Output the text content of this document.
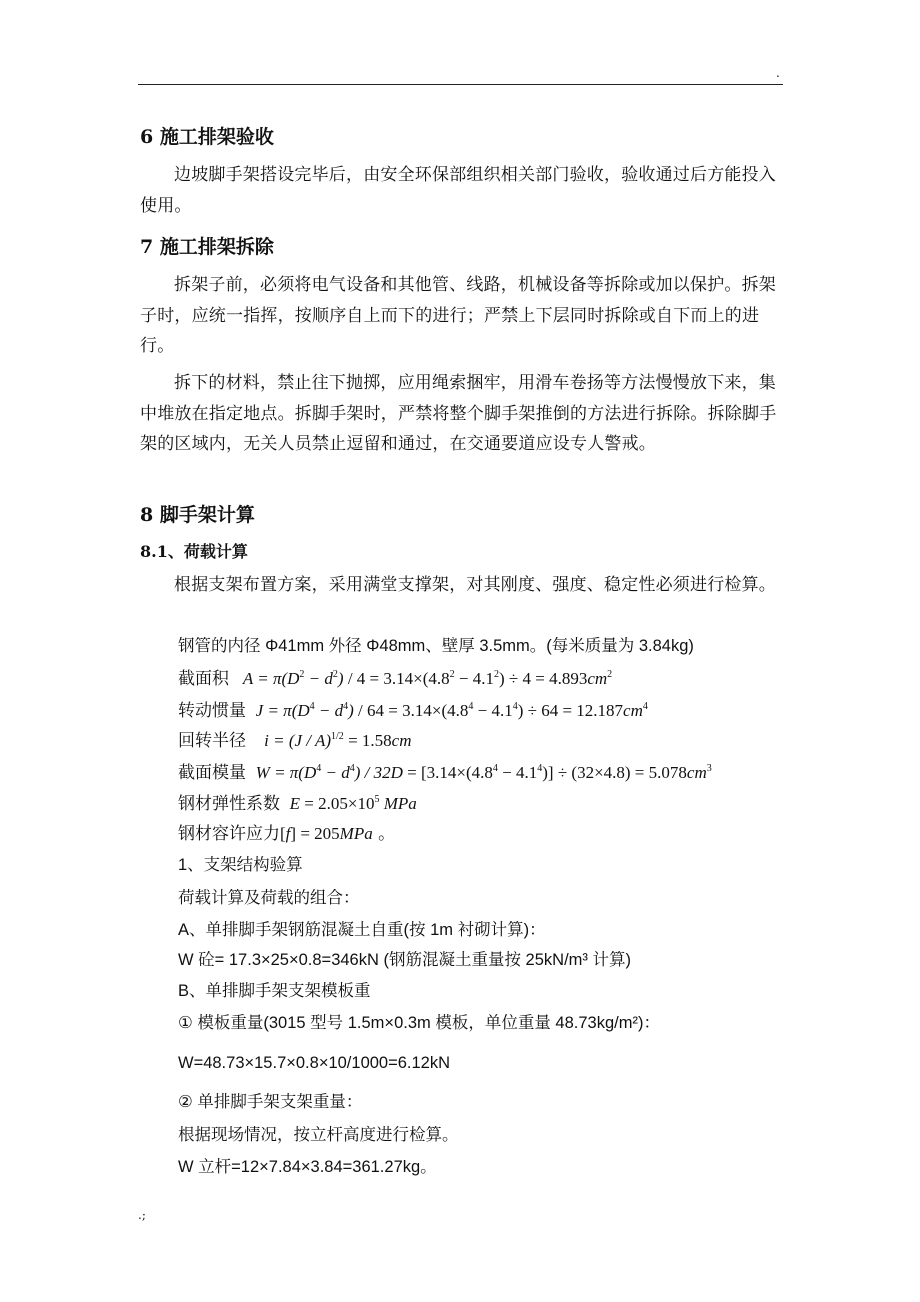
.
6 施工排架验收

边坡脚手架搭设完毕后，由安全环保部组织相关部门验收，验收通过后方能投入使用。

7 施工排架拆除

拆架子前，必须将电气设备和其他管、线路，机械设备等拆除或加以保护。拆架子时，应统一指挥，按顺序自上而下的进行；严禁上下层同时拆除或自下而上的进行。

拆下的材料，禁止往下抛掷，应用绳索捆牢，用滑车卷扬等方法慢慢放下来，集中堆放在指定地点。拆脚手架时，严禁将整个脚手架推倒的方法进行拆除。拆除脚手架的区域内，无关人员禁止逗留和通过，在交通要道应设专人警戒。

8 脚手架计算
8.1、荷载计算

根据支架布置方案，采用满堂支撑架，对其刚度、强度、稳定性必须进行检算。

钢管的内径 Φ41mm 外径 Φ48mm、壁厚 3.5mm。(每米质量为 3.84kg)
截面积   $A = \pi(D^2 - d^2) / 4 = 3.14\times(4.8^2 - 4.1^2) \div 4 = 4.893cm^2$
转动惯量  $J = \pi(D^4 - d^4) / 64 = 3.14\times(4.8^4 - 4.1^4) \div 64 = 12.187cm^4$
回转半径    i = (J / A)$^{1/2}$ = 1.58cm
截面模量  $W = \pi(D^4 - d^4) / 32D = [3.14\times(4.8^4 - 4.1^4)] \div (32\times 4.8) = 5.078cm^3$
钢材弹性系数  $E = 2.05\times 10^5$ MPa
钢材容许应力[f] = 205MPa 。
1、支架结构验算
荷载计算及荷载的组合：
A、单排脚手架钢筋混凝土自重(按 1m 衬砌计算)：
W 砼= 17.3×25×0.8=346kN (钢筋混凝土重量按 25kN/m³ 计算)
B、单排脚手架支架模板重
① 模板重量(3015 型号 1.5m×0.3m 模板，单位重量 48.73kg/m²)：
W=48.73×15.7×0.8×10/1000=6.12kN
② 单排脚手架支架重量：
根据现场情况，按立杆高度进行检算。
W 立杆=12×7.84×3.84=361.27kg。
.;
